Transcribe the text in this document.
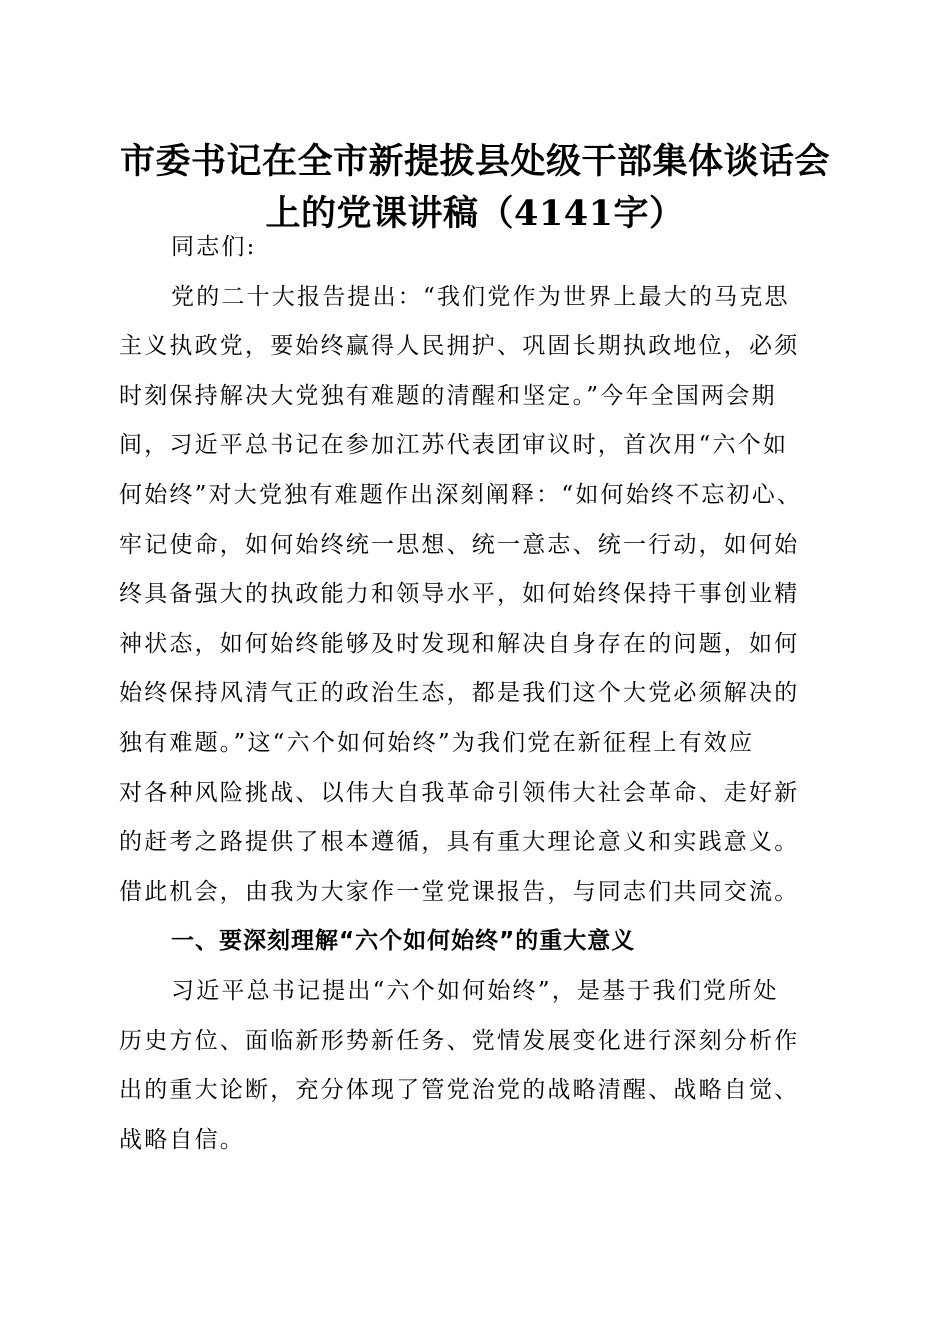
市委书记在全市新提拔县处级干部集体谈话会
上的党课讲稿（4141字）
同志们:
党的二十大报告提出：“我们党作为世界上最大的马克思
主义执政党，要始终赢得人民拥护、巩固长期执政地位，必须
时刻保持解决大党独有难题的清醒和坚定。”今年全国两会期
间，习近平总书记在参加江苏代表团审议时，首次用“六个如
何始终”对大党独有难题作出深刻阐释：“如何始终不忘初心、
牢记使命，如何始终统一思想、统一意志、统一行动，如何始
终具备强大的执政能力和领导水平，如何始终保持干事创业精
神状态，如何始终能够及时发现和解决自身存在的问题，如何
始终保持风清气正的政治生态，都是我们这个大党必须解决的
独有难题。”这“六个如何始终”为我们党在新征程上有效应
对各种风险挑战、以伟大自我革命引领伟大社会革命、走好新
的赶考之路提供了根本遵循，具有重大理论意义和实践意义。
借此机会，由我为大家作一堂党课报告，与同志们共同交流。
一、要深刻理解“六个如何始终”的重大意义
习近平总书记提出“六个如何始终”，是基于我们党所处
历史方位、面临新形势新任务、党情发展变化进行深刻分析作
出的重大论断，充分体现了管党治党的战略清醒、战略自觉、
战略自信。
